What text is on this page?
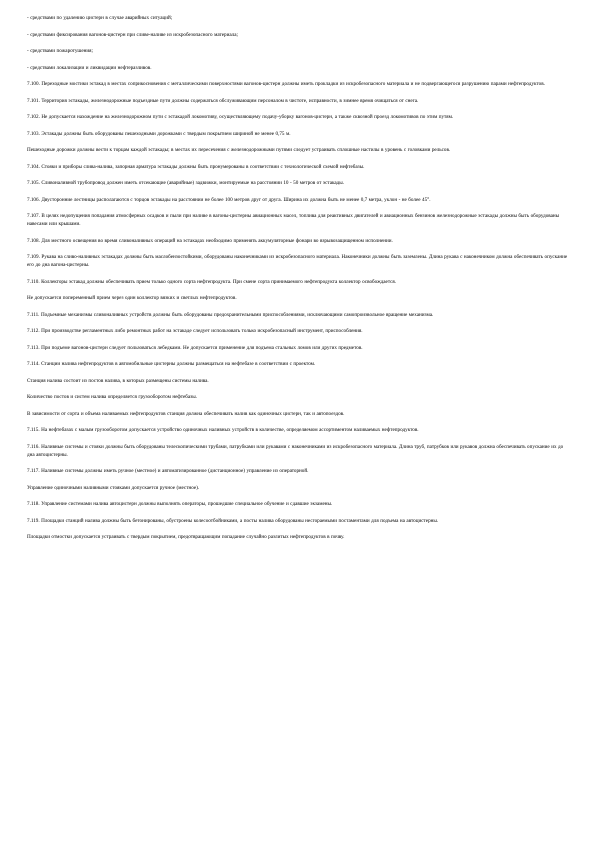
- средствами по удалению цистерн в случае аварийных ситуаций;

- средствами фиксирования вагонов-цистерн при сливе-наливе из искробезопасного материала;

- средствами пожаротушения;

- средствами локализации и ликвидации нефтеразливов.

7.100. Переходные мостики эстакад в местах соприкосновения с металлическими поверхностями вагонов-цистерн должны иметь прокладки из искробезопасного материала и не подвергающегося разрушению парами нефтепродуктов.

7.101. Территория эстакады, железнодорожные подъездные пути должны содержаться обслуживающим персоналом в чистоте, исправности, в зимнее время очищаться от снега.

7.102. Не допускается нахождение на железнодорожном пути с эстакадой локомотиву, осуществляющему подачу-уборку вагонов-цистерн, а также сквозной проезд локомотивов по этим путям.

7.103. Эстакады должны быть оборудованы пешеходными дорожками с твердым покрытием шириной не менее 0,75 м.

Пешеходные дорожки должны вести к торцам каждой эстакады; в местах их пересечения с железнодорожными путями следует устраивать сплошные настилы в уровень с головками рельсов.

7.104. Стояки и приборы слива-налива, запорная арматура эстакады должны быть пронумерованы в соответствии с технологической схемой нефтебазы.

7.105. Сливоналивной трубопровод должен иметь отсекающие (аварийные) задвижки, монтируемые на расстоянии 10 - 50 метров от эстакады.

7.106. Двусторонние лестницы располагаются с торцов эстакады на расстоянии не более 100 метров друг от друга. Ширина их должна быть не менее 0,7 метра, уклон - не более 45°.

7.107. В целях недопущения попадания атмосферных осадков и пыли при наливе в вагоны-цистерны авиационных масел, топлива для реактивных двигателей и авиационных бензинов железнодорожные эстакады должны быть оборудованы навесами или крышами.

7.108. Для местного освещения во время сливоналивных операций на эстакадах необходимо применять аккумуляторные фонари во взрывозащищенном исполнении.

7.109. Рукава на сливо-наливных эстакадах должны быть маслобензостойкими, оборудованы наконечниками из искробезопасного материала. Наконечники должны быть заземлены. Длина рукава с наконечником должна обеспечивать опускание его до дна вагона-цистерны.

7.110. Коллекторы эстакад должны обеспечивать прием только одного сорта нефтепродукта. При смене сорта принимаемого нефтепродукта коллектор освобождается.

Не допускается попеременный прием через один коллектор вязких и светлых нефтепродуктов.

7.111. Подъемные механизмы сливоналивных устройств должны быть оборудованы предохранительными приспособлениями, исключающими самопроизвольное вращение механизма.

7.112. При производстве регламентных либо ремонтных работ на эстакаде следует использовать только искробезопасный инструмент, приспособления.

7.113. При подъеме вагонов-цистерн следует пользоваться лебедками. Не допускается применение для подъема стальных ломов или других предметов.

7.114. Станции налива нефтепродуктов в автомобильные цистерны должны размещаться на нефтебазе в соответствии с проектом.

Станция налива состоит из постов налива, в которых размещены системы налива.

Количество постов и систем налива определяется грузооборотом нефтебазы.

В зависимости от сорта и объема наливаемых нефтепродуктов станция должна обеспечивать налив как одиночных цистерн, так и автопоездов.

7.115. На нефтебазах с малым грузооборотом допускается устройство одиночных наливных устройств в количестве, определяемом ассортиментом наливаемых нефтепродуктов.

7.116. Наливные системы и стояки должны быть оборудованы телескопическими трубами, патрубками или рукавами с наконечниками из искробезопасного материала. Длина труб, патрубков или рукавов должна обеспечивать опускание их до дна автоцистерны.

7.117. Наливные системы должны иметь ручное (местное) и автоматизированное (дистанционное) управление из операторной.

Управление одиночными наливными стояками допускается ручное (местное).

7.118. Управление системами налива автоцистерн должны выполнять операторы, прошедшие специальное обучение и сдавшие экзамены.

7.119. Площадки станций налива должны быть бетонированы, обустроены колесоотбойниками, а посты налива оборудованы несгораемыми постаментами для подъема на автоцистерны.

Площадки отмостки допускается устраивать с твердым покрытием, предотвращающим попадание случайно разлитых нефтепродуктов в почву.
